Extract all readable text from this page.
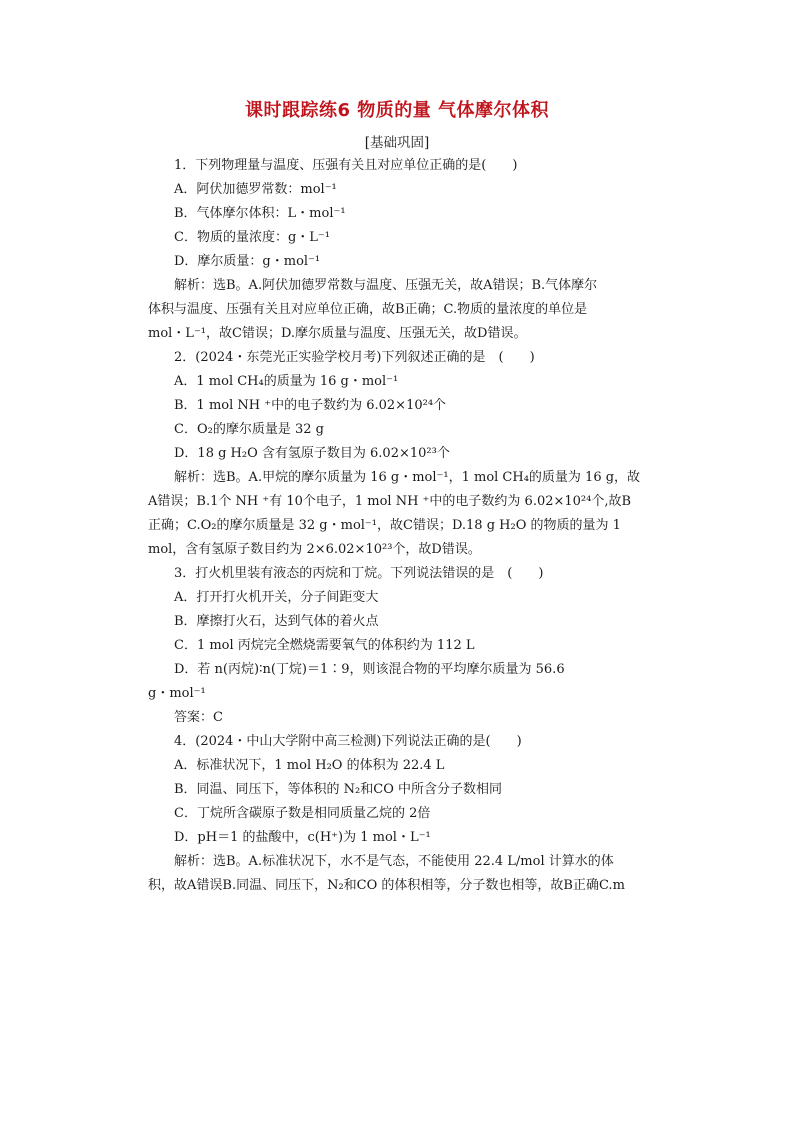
课时跟踪练6 物质的量 气体摩尔体积
[基础巩固]
1．下列物理量与温度、压强有关且对应单位正确的是(　　)
A．阿伏加德罗常数：mol⁻¹
B．气体摩尔体积：L・mol⁻¹
C．物质的量浓度：g・L⁻¹
D．摩尔质量：g・mol⁻¹
解析：选B。A.阿伏加德罗常数与温度、压强无关，故A错误；B.气体摩尔
体积与温度、压强有关且对应单位正确，故B正确；C.物质的量浓度的单位是
mol・L⁻¹，故C错误；D.摩尔质量与温度、压强无关，故D错误。
2．(2024・东莞光正实验学校月考)下列叙述正确的是　(　　)
A．1 mol CH₄的质量为 16 g・mol⁻¹
B．1 mol NH ⁺中的电子数约为 6.02×10²⁴个
C．O₂的摩尔质量是 32 g
D．18 g H₂O 含有氢原子数目为 6.02×10²³个
解析：选B。A.甲烷的摩尔质量为 16 g・mol⁻¹，1 mol CH₄的质量为 16 g，故
A错误；B.1个 NH ⁺有 10个电子，1 mol NH ⁺中的电子数约为 6.02×10²⁴个,故B
正确；C.O₂的摩尔质量是 32 g・mol⁻¹，故C错误；D.18 g H₂O 的物质的量为 1
mol，含有氢原子数目约为 2×6.02×10²³个，故D错误。
3．打火机里装有液态的丙烷和丁烷。下列说法错误的是　(　　)
A．打开打火机开关，分子间距变大
B．摩擦打火石，达到气体的着火点
C．1 mol 丙烷完全燃烧需要氧气的体积约为 112 L
D．若 n(丙烷)∶n(丁烷)＝1∶9，则该混合物的平均摩尔质量为 56.6
g・mol⁻¹
答案：C
4．(2024・中山大学附中高三检测)下列说法正确的是(　　)
A．标准状况下，1 mol H₂O 的体积为 22.4 L
B．同温、同压下，等体积的 N₂和CO 中所含分子数相同
C．丁烷所含碳原子数是相同质量乙烷的 2倍
D．pH＝1 的盐酸中，c(H⁺)为 1 mol・L⁻¹
解析：选B。A.标准状况下，水不是气态，不能使用 22.4 L/mol 计算水的体
积，故A错误B.同温、同压下，N₂和CO 的体积相等，分子数也相等，故B正确C.m
